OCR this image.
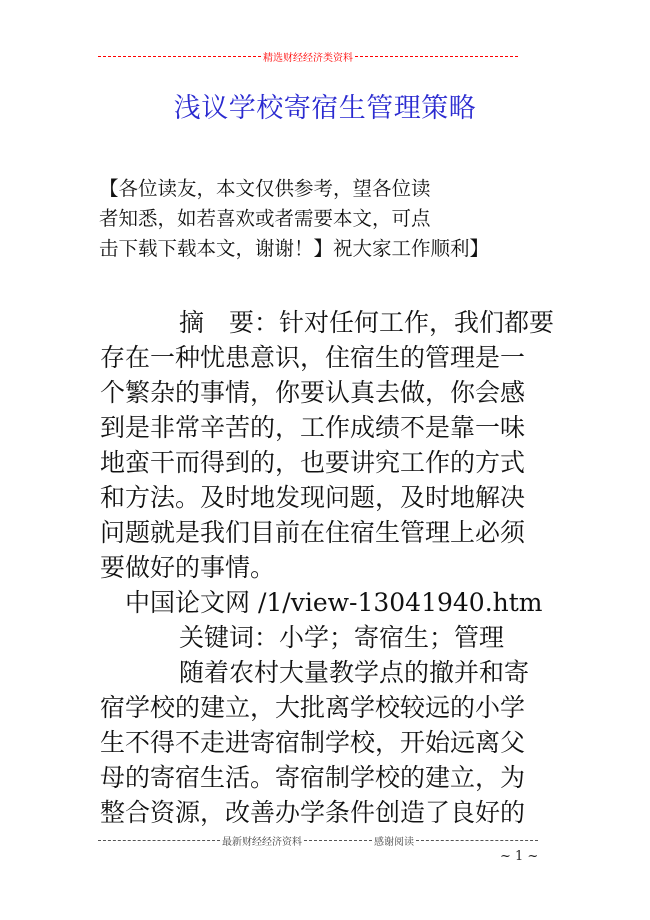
精选财经经济类资料
浅议学校寄宿生管理策略
【各位读友，本文仅供参考，望各位读
者知悉，如若喜欢或者需要本文，可点
击下载下载本文，谢谢！】祝大家工作顺利】
摘　要：针对任何工作，我们都要
存在一种忧患意识，住宿生的管理是一
个繁杂的事情，你要认真去做，你会感
到是非常辛苦的，工作成绩不是靠一味
地蛮干而得到的，也要讲究工作的方式
和方法。及时地发现问题，及时地解决
问题就是我们目前在住宿生管理上必须
要做好的事情。
中国论文网 /1/view-13041940.htm
关键词：小学；寄宿生；管理
随着农村大量教学点的撤并和寄
宿学校的建立，大批离学校较远的小学
生不得不走进寄宿制学校，开始远离父
母的寄宿生活。寄宿制学校的建立，为
整合资源，改善办学条件创造了良好的
最新财经经济资料	感谢阅读
~ 1 ~
